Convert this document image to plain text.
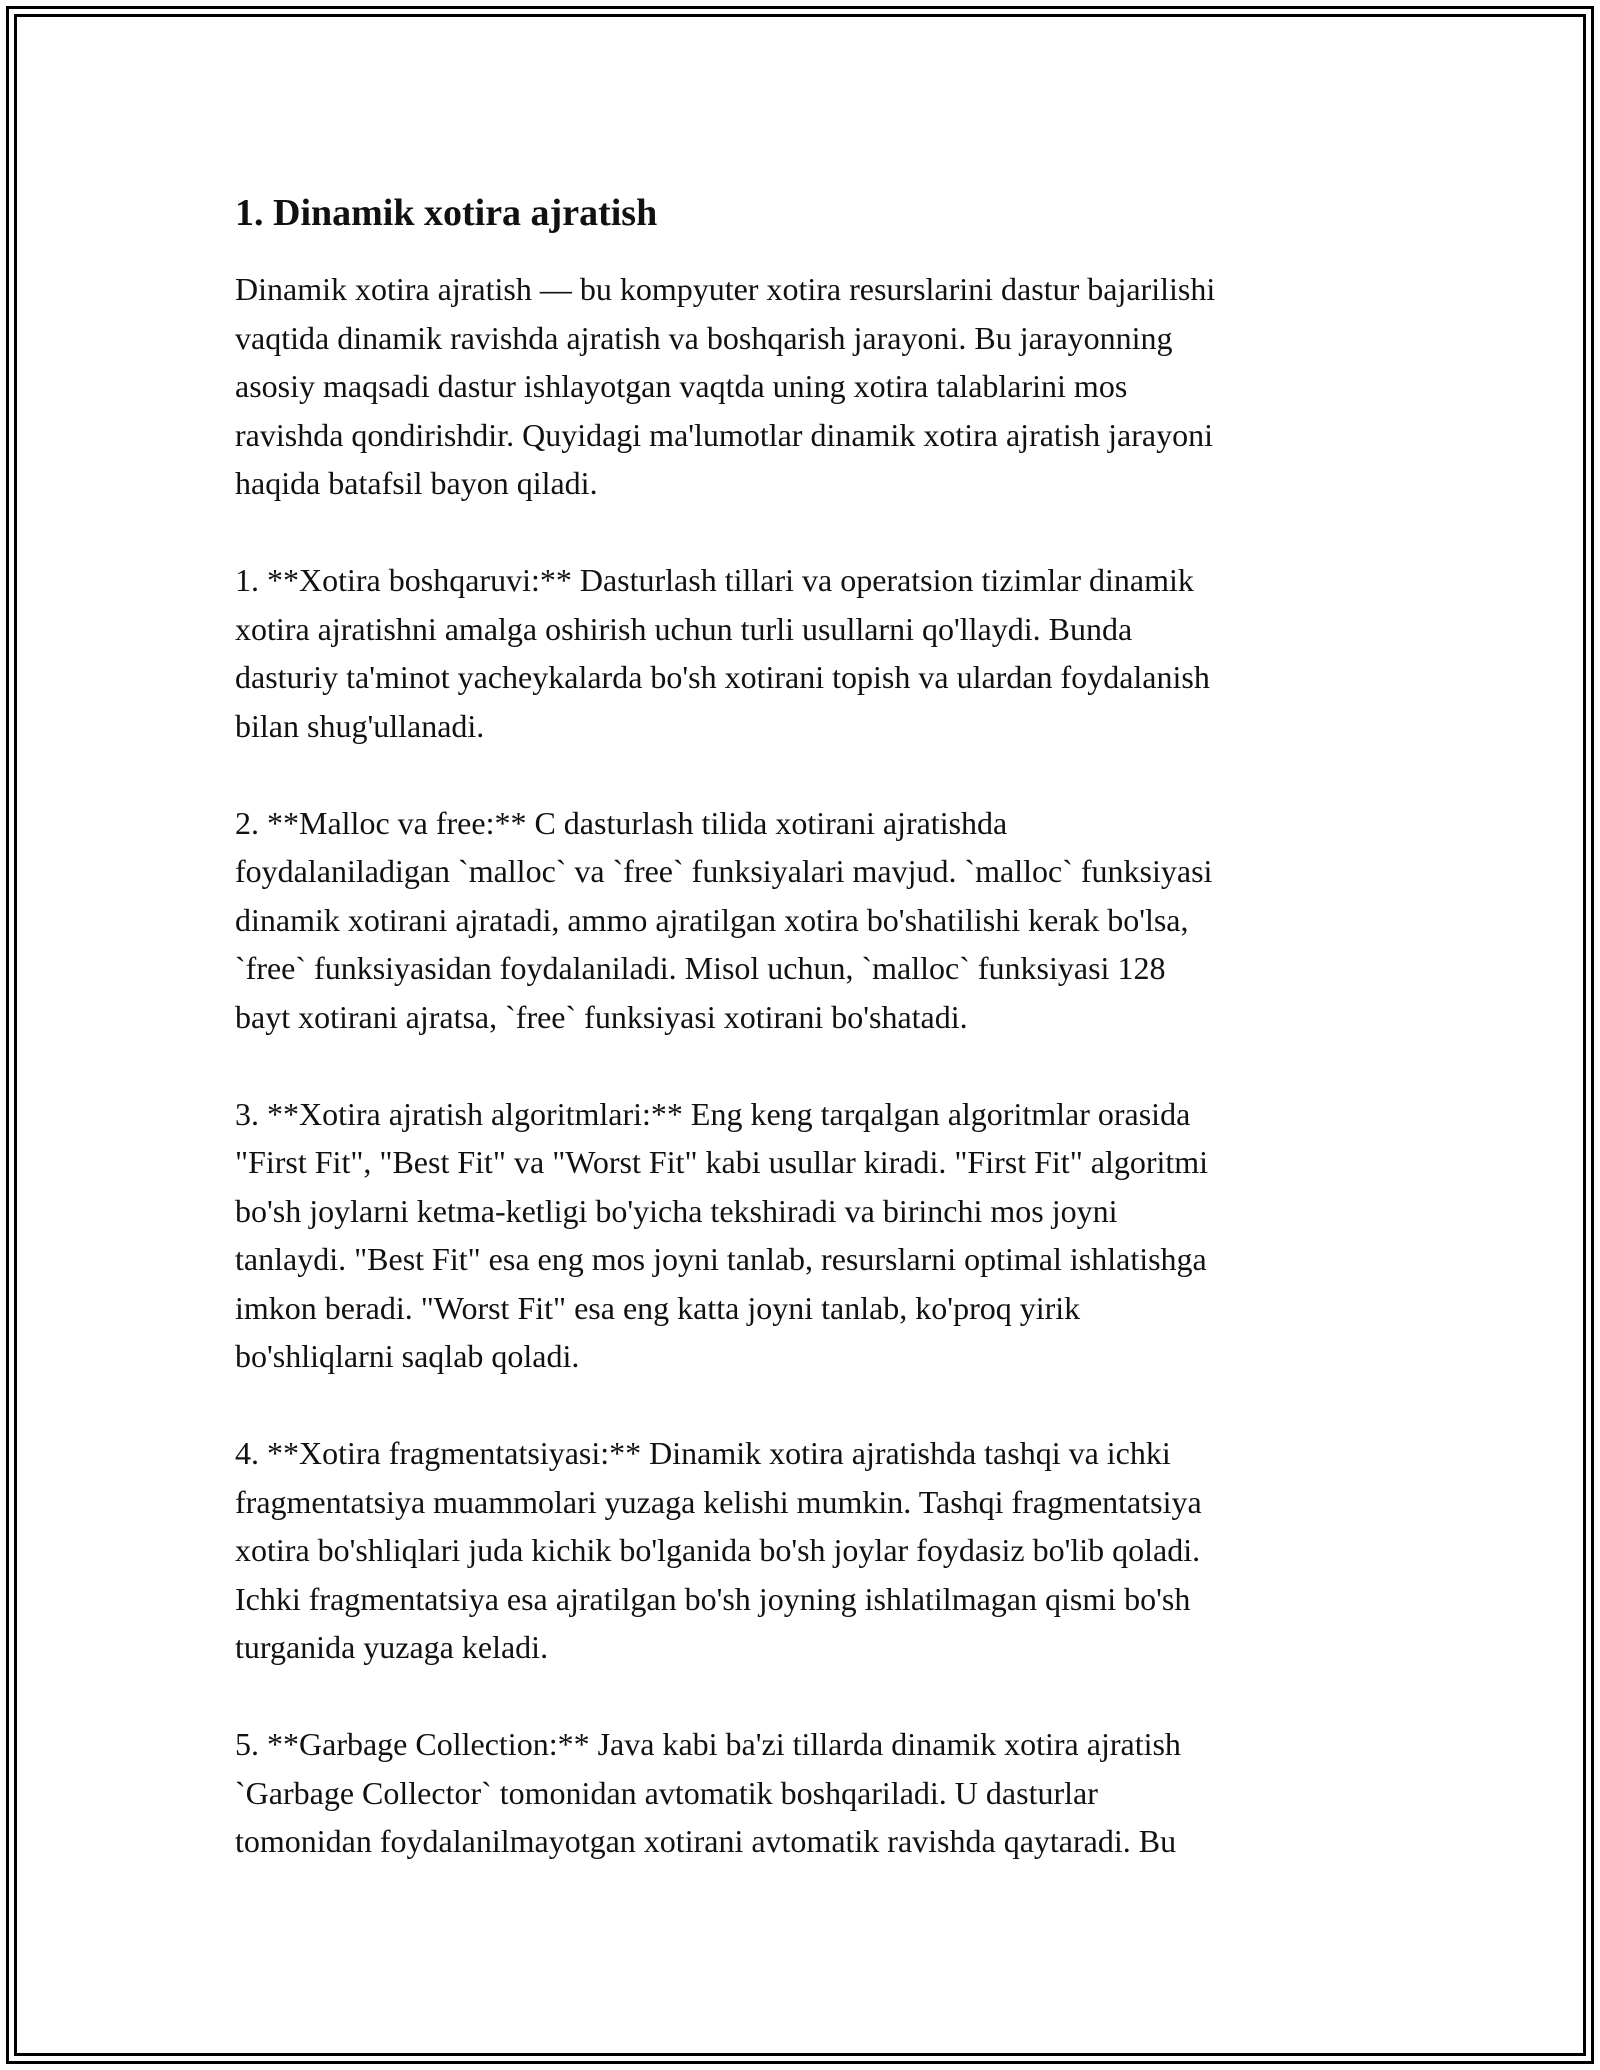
1. Dinamik xotira ajratish

Dinamik xotira ajratish — bu kompyuter xotira resurslarini dastur bajarilishi
vaqtida dinamik ravishda ajratish va boshqarish jarayoni. Bu jarayonning
asosiy maqsadi dastur ishlayotgan vaqtda uning xotira talablarini mos
ravishda qondirishdir. Quyidagi ma'lumotlar dinamik xotira ajratish jarayoni
haqida batafsil bayon qiladi.

1. **Xotira boshqaruvi:** Dasturlash tillari va operatsion tizimlar dinamik
xotira ajratishni amalga oshirish uchun turli usullarni qo'llaydi. Bunda
dasturiy ta'minot yacheykalarda bo'sh xotirani topish va ulardan foydalanish
bilan shug'ullanadi.

2. **Malloc va free:** C dasturlash tilida xotirani ajratishda
foydalaniladigan `malloc` va `free` funksiyalari mavjud. `malloc` funksiyasi
dinamik xotirani ajratadi, ammo ajratilgan xotira bo'shatilishi kerak bo'lsa,
`free` funksiyasidan foydalaniladi. Misol uchun, `malloc` funksiyasi 128
bayt xotirani ajratsa, `free` funksiyasi xotirani bo'shatadi.

3. **Xotira ajratish algoritmlari:** Eng keng tarqalgan algoritmlar orasida
"First Fit", "Best Fit" va "Worst Fit" kabi usullar kiradi. "First Fit" algoritmi
bo'sh joylarni ketma-ketligi bo'yicha tekshiradi va birinchi mos joyni
tanlaydi. "Best Fit" esa eng mos joyni tanlab, resurslarni optimal ishlatishga
imkon beradi. "Worst Fit" esa eng katta joyni tanlab, ko'proq yirik
bo'shliqlarni saqlab qoladi.

4. **Xotira fragmentatsiyasi:** Dinamik xotira ajratishda tashqi va ichki
fragmentatsiya muammolari yuzaga kelishi mumkin. Tashqi fragmentatsiya
xotira bo'shliqlari juda kichik bo'lganida bo'sh joylar foydasiz bo'lib qoladi.
Ichki fragmentatsiya esa ajratilgan bo'sh joyning ishlatilmagan qismi bo'sh
turganida yuzaga keladi.

5. **Garbage Collection:** Java kabi ba'zi tillarda dinamik xotira ajratish
`Garbage Collector` tomonidan avtomatik boshqariladi. U dasturlar
tomonidan foydalanilmayotgan xotirani avtomatik ravishda qaytaradi. Bu
